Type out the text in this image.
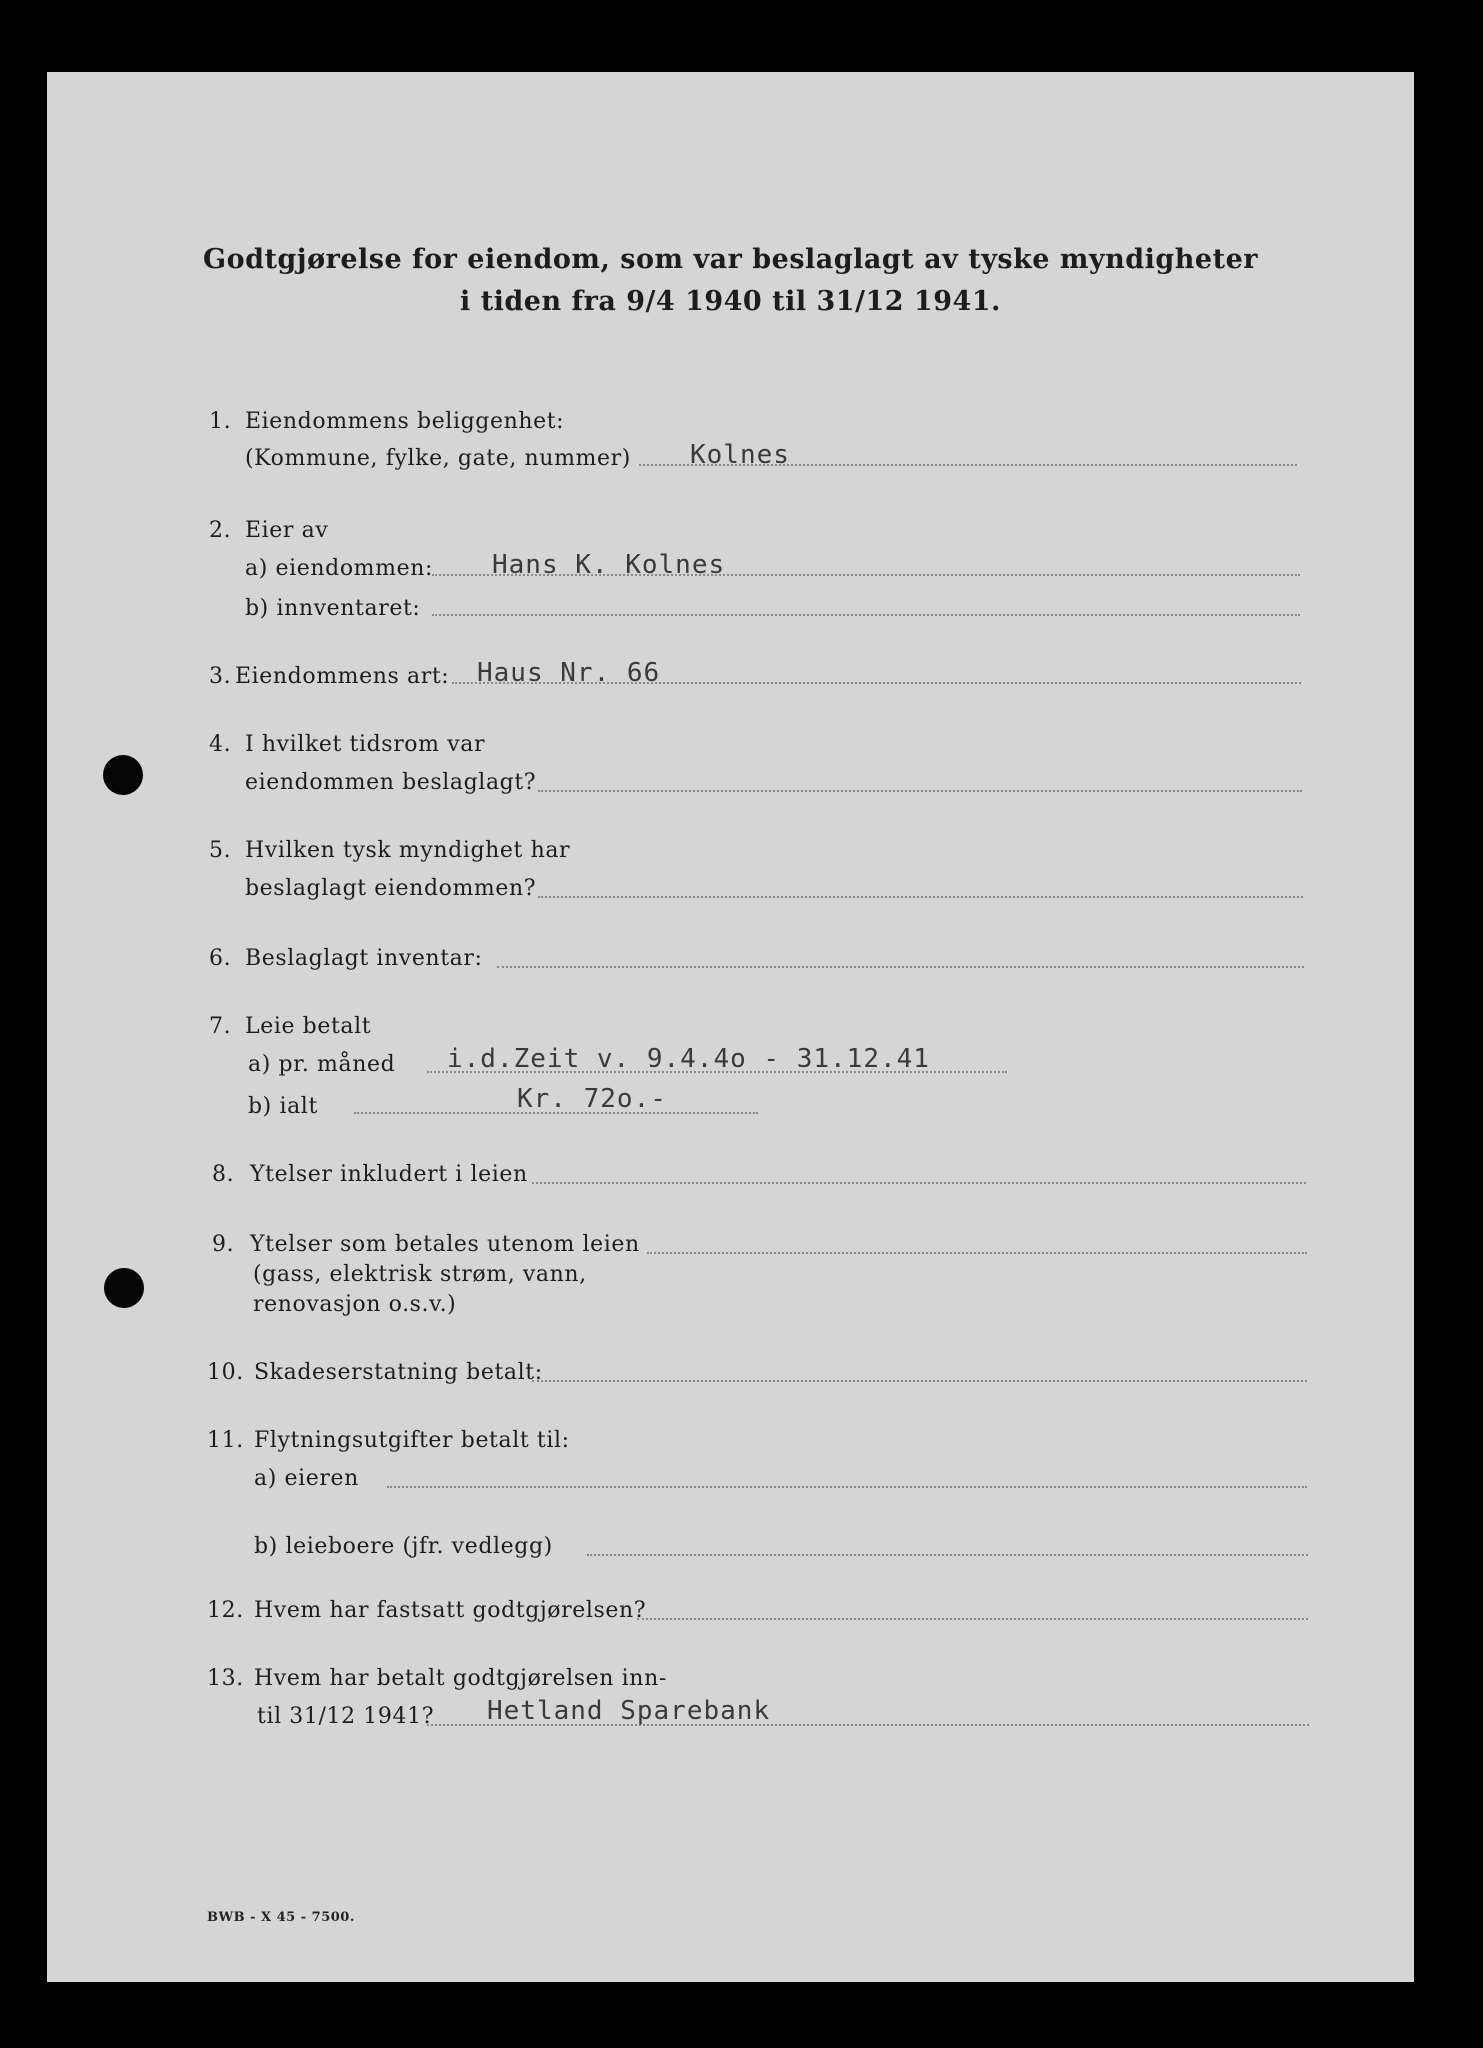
Godtgjørelse for eiendom, som var beslaglagt av tyske myndigheter
i tiden fra 9/4 1940 til 31/12 1941.
1. Eiendommens beliggenhet:
(Kommune, fylke, gate, nummer) Kolnes
2. Eier av
a) eiendommen: Hans K. Kolnes
b) innventaret:
3. Eiendommens art: Haus Nr. 66
4. I hvilket tidsrom var
eiendommen beslaglagt?
5. Hvilken tysk myndighet har
beslaglagt eiendommen?
6. Beslaglagt inventar:
7. Leie betalt
a) pr. måned i.d.Zeit v. 9.4.4o - 31.12.41
b) ialt	Kr. 72o.-
8. Ytelser inkludert i leien
9. Ytelser som betales utenom leien
(gass, elektrisk strøm, vann,
renovasjon o.s.v.)
10. Skadeserstatning betalt:
11. Flytningsutgifter betalt til:
a) eieren
b) leieboere (jfr. vedlegg)
12. Hvem har fastsatt godtgjørelsen?
13. Hvem har betalt godtgjørelsen inn-
til 31/12 1941? Hetland Sparebank
BWB - X 45 - 7500.
